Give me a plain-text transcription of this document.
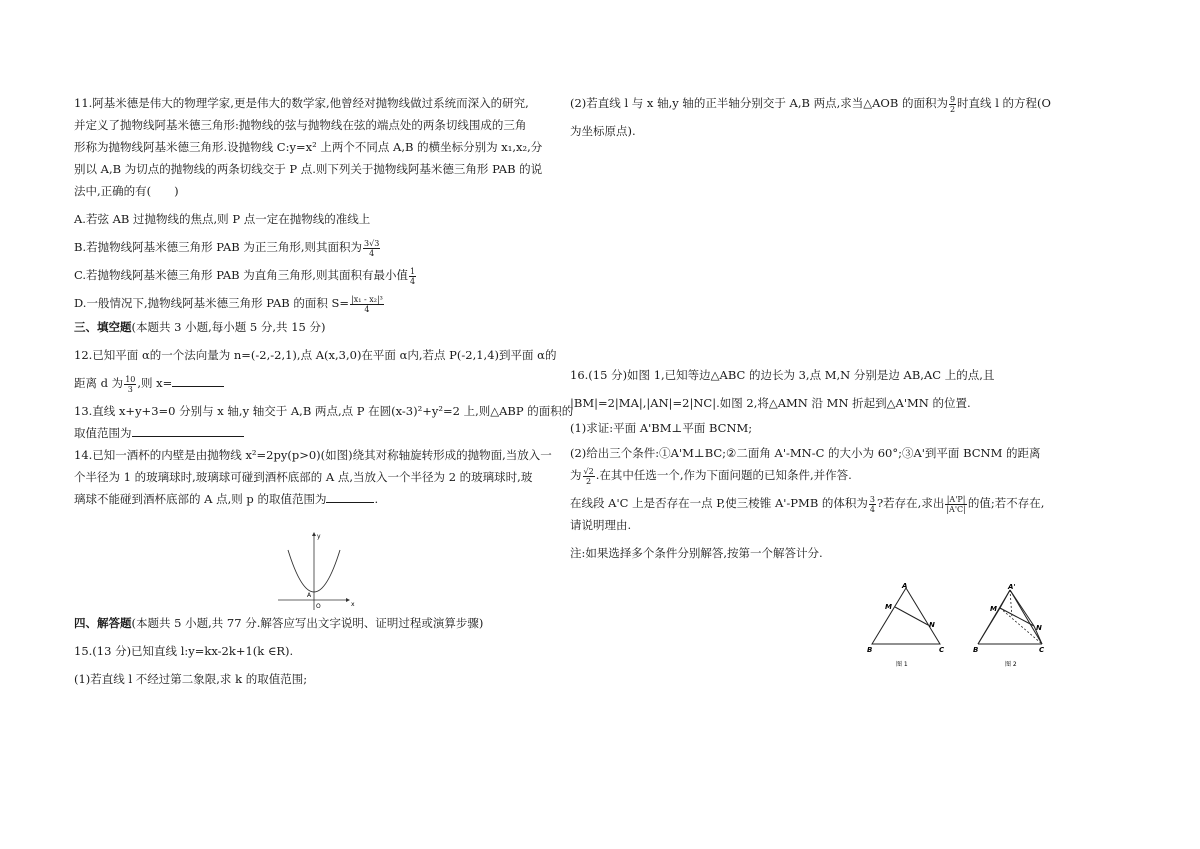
11.阿基米德是伟大的物理学家,更是伟大的数学家,他曾经对抛物线做过系统而深入的研究,

并定义了抛物线阿基米德三角形:抛物线的弦与抛物线在弦的端点处的两条切线围成的三角

形称为抛物线阿基米德三角形.设抛物线 C:y=x² 上两个不同点 A,B 的横坐标分别为 x₁,x₂,分

别以 A,B 为切点的抛物线的两条切线交于 P 点.则下列关于抛物线阿基米德三角形 PAB 的说

法中,正确的有(　　)

A.若弦 AB 过抛物线的焦点,则 P 点一定在抛物线的准线上

B.若抛物线阿基米德三角形 PAB 为正三角形,则其面积为 $\frac{3√3}{4}$

C.若抛物线阿基米德三角形 PAB 为直角三角形,则其面积有最小值 $\frac{1}{4}$

D.一般情况下,抛物线阿基米德三角形 PAB 的面积 $S= \frac{\text{|x₁ - x₂|³}}{4}$

三、填空题(本题共 3 小题,每小题 5 分,共 15 分)

12.已知平面 α的一个法向量为 n=(-2,-2,1),点 A(x,3,0)在平面 α内,若点 P(-2,1,4)到平面 α的

距离 d 为 $\frac{10}{3}$ ,则 x=

13.直线 x+y+3=0 分别与 x 轴,y 轴交于 A,B 两点,点 P 在圆(x-3)²+y²=2 上,则△ABP 的面积的

取值范围为

14.已知一酒杯的内壁是由抛物线 x²=2py(p>0)(如图)绕其对称轴旋转形成的抛物面,当放入一

个半径为 1 的玻璃球时,玻璃球可碰到酒杯底部的 A 点,当放入一个半径为 2 的玻璃球时,玻

璃球不能碰到酒杯底部的 A 点,则 p 的取值范围为	.

x
y
A
O

四、解答题(本题共 5 小题,共 77 分.解答应写出文字说明、证明过程或演算步骤)

15.(13 分)已知直线 l:y=kx-2k+1(k ∈R).

(1)若直线 l 不经过第二象限,求 k 的取值范围;

(2)若直线 l 与 x 轴,y 轴的正半轴分别交于 A,B 两点,求当△AOB 的面积为 $\frac{9}{2}$ 时直线 l 的方程(O

为坐标原点).

16.(15 分)如图 1,已知等边△ABC 的边长为 3,点 M,N 分别是边 AB,AC 上的点,且

|BM|=2|MA|,|AN|=2|NC|.如图 2,将△AMN 沿 MN 折起到△A'MN 的位置.

(1)求证:平面 A'BM⊥平面 BCNM;

(2)给出三个条件:①A'M⊥BC;②二面角 A'-MN-C 的大小为 60°;③A'到平面 BCNM 的距离

为 $\frac{√2}{2}$ .在其中任选一个,作为下面问题的已知条件,并作答.

在线段 A'C 上是否存在一点 P,使三棱锥 A'-PMB 的体积为 $\frac{3}{4}$ ?若存在,求出 $\frac{|A'P|}{|A'C|}$ 的值;若不存在,

请说明理由.

注:如果选择多个条件分别解答,按第一个解答计分.

A
M
N
B	C
图 1
A'
M
N
B	C
图 2
